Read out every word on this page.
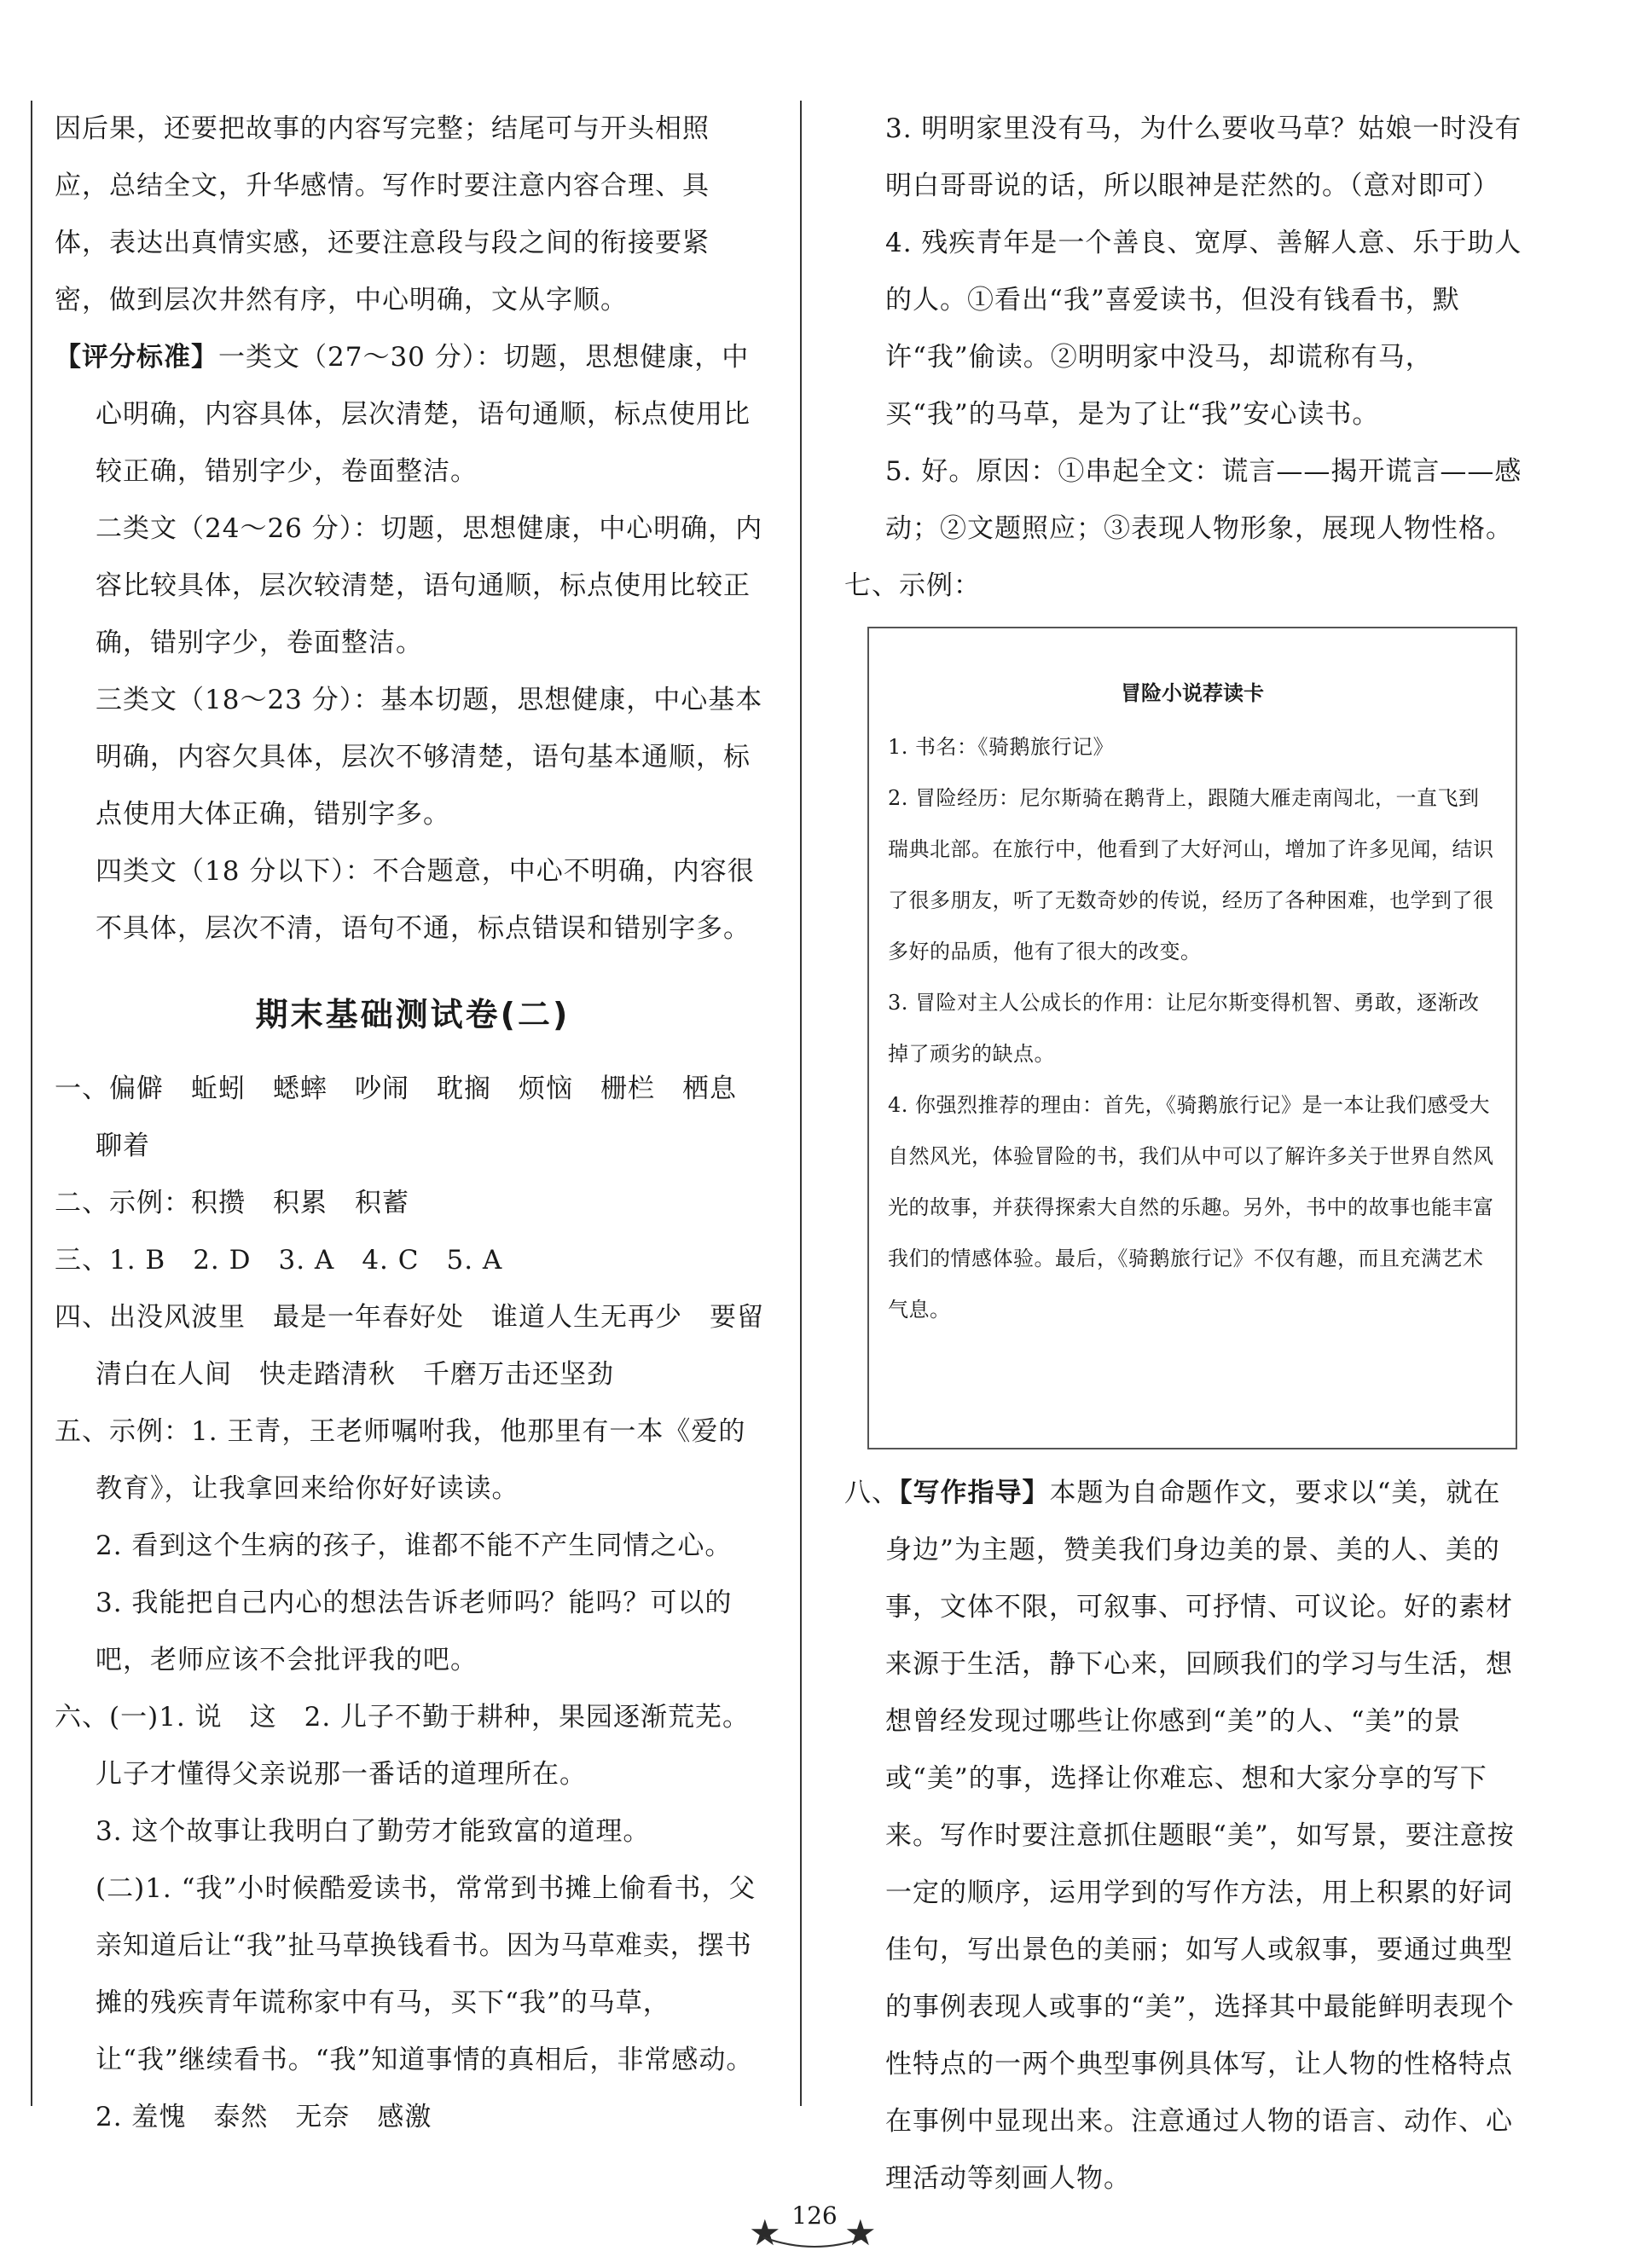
因后果，还要把故事的内容写完整；结尾可与开头相照

应，总结全文，升华感情。写作时要注意内容合理、具

体，表达出真情实感，还要注意段与段之间的衔接要紧

密，做到层次井然有序，中心明确，文从字顺。

【评分标准】一类文（27～30 分）：切题，思想健康，中心明确，内容具体，层次清楚，语句通顺，标点使用比较正确，错别字少，卷面整洁。

二类文（24～26 分）：切题，思想健康，中心明确，内容比较具体，层次较清楚，语句通顺，标点使用比较正确，错别字少，卷面整洁。

三类文（18～23 分）：基本切题，思想健康，中心基本明确，内容欠具体，层次不够清楚，语句基本通顺，标点使用大体正确，错别字多。

四类文（18 分以下）：不合题意，中心不明确，内容很不具体，层次不清，语句不通，标点错误和错别字多。

期末基础测试卷(二)

一、偏僻　蚯蚓　蟋蟀　吵闹　耽搁　烦恼　栅栏　栖息　聊着

二、示例：积攒　积累　积蓄

三、1. B　2. D　3. A　4. C　5. A

四、出没风波里　最是一年春好处　谁道人生无再少　要留清白在人间　快走踏清秋　千磨万击还坚劲

五、示例：1. 王青，王老师嘱咐我，他那里有一本《爱的教育》，让我拿回来给你好好读读。

2. 看到这个生病的孩子，谁都不能不产生同情之心。

3. 我能把自己内心的想法告诉老师吗？能吗？可以的吧，老师应该不会批评我的吧。

六、(一)1. 说　这　2. 儿子不勤于耕种，果园逐渐荒芜。

儿子才懂得父亲说那一番话的道理所在。

3. 这个故事让我明白了勤劳才能致富的道理。

(二)1. “我”小时候酷爱读书，常常到书摊上偷看书，父亲知道后让“我”扯马草换钱看书。因为马草难卖，摆书摊的残疾青年谎称家中有马，买下“我”的马草，让“我”继续看书。“我”知道事情的真相后，非常感动。

2. 羞愧　泰然　无奈　感激

3. 明明家里没有马，为什么要收马草？姑娘一时没有明白哥哥说的话，所以眼神是茫然的。（意对即可）

4. 残疾青年是一个善良、宽厚、善解人意、乐于助人的人。①看出“我”喜爱读书，但没有钱看书，默许“我”偷读。②明明家中没马，却谎称有马，买“我”的马草，是为了让“我”安心读书。

5. 好。原因：①串起全文：谎言——揭开谎言——感动；②文题照应；③表现人物形象，展现人物性格。

七、示例：

冒险小说荐读卡

1. 书名：《骑鹅旅行记》

2. 冒险经历：尼尔斯骑在鹅背上，跟随大雁走南闯北，一直飞到瑞典北部。在旅行中，他看到了大好河山，增加了许多见闻，结识了很多朋友，听了无数奇妙的传说，经历了各种困难，也学到了很多好的品质，他有了很大的改变。

3. 冒险对主人公成长的作用：让尼尔斯变得机智、勇敢，逐渐改掉了顽劣的缺点。

4. 你强烈推荐的理由：首先，《骑鹅旅行记》是一本让我们感受大自然风光，体验冒险的书，我们从中可以了解许多关于世界自然风光的故事，并获得探索大自然的乐趣。另外，书中的故事也能丰富我们的情感体验。最后，《骑鹅旅行记》不仅有趣，而且充满艺术气息。

八、【写作指导】本题为自命题作文，要求以“美，就在身边”为主题，赞美我们身边美的景、美的人、美的事，文体不限，可叙事、可抒情、可议论。好的素材来源于生活，静下心来，回顾我们的学习与生活，想想曾经发现过哪些让你感到“美”的人、“美”的景或“美”的事，选择让你难忘、想和大家分享的写下来。写作时要注意抓住题眼“美”，如写景，要注意按一定的顺序，运用学到的写作方法，用上积累的好词佳句，写出景色的美丽；如写人或叙事，要通过典型的事例表现人或事的“美”，选择其中最能鲜明表现个性特点的一两个典型事例具体写，让人物的性格特点在事例中显现出来。注意通过人物的语言、动作、心理活动等刻画人物。

★ 126 ★
